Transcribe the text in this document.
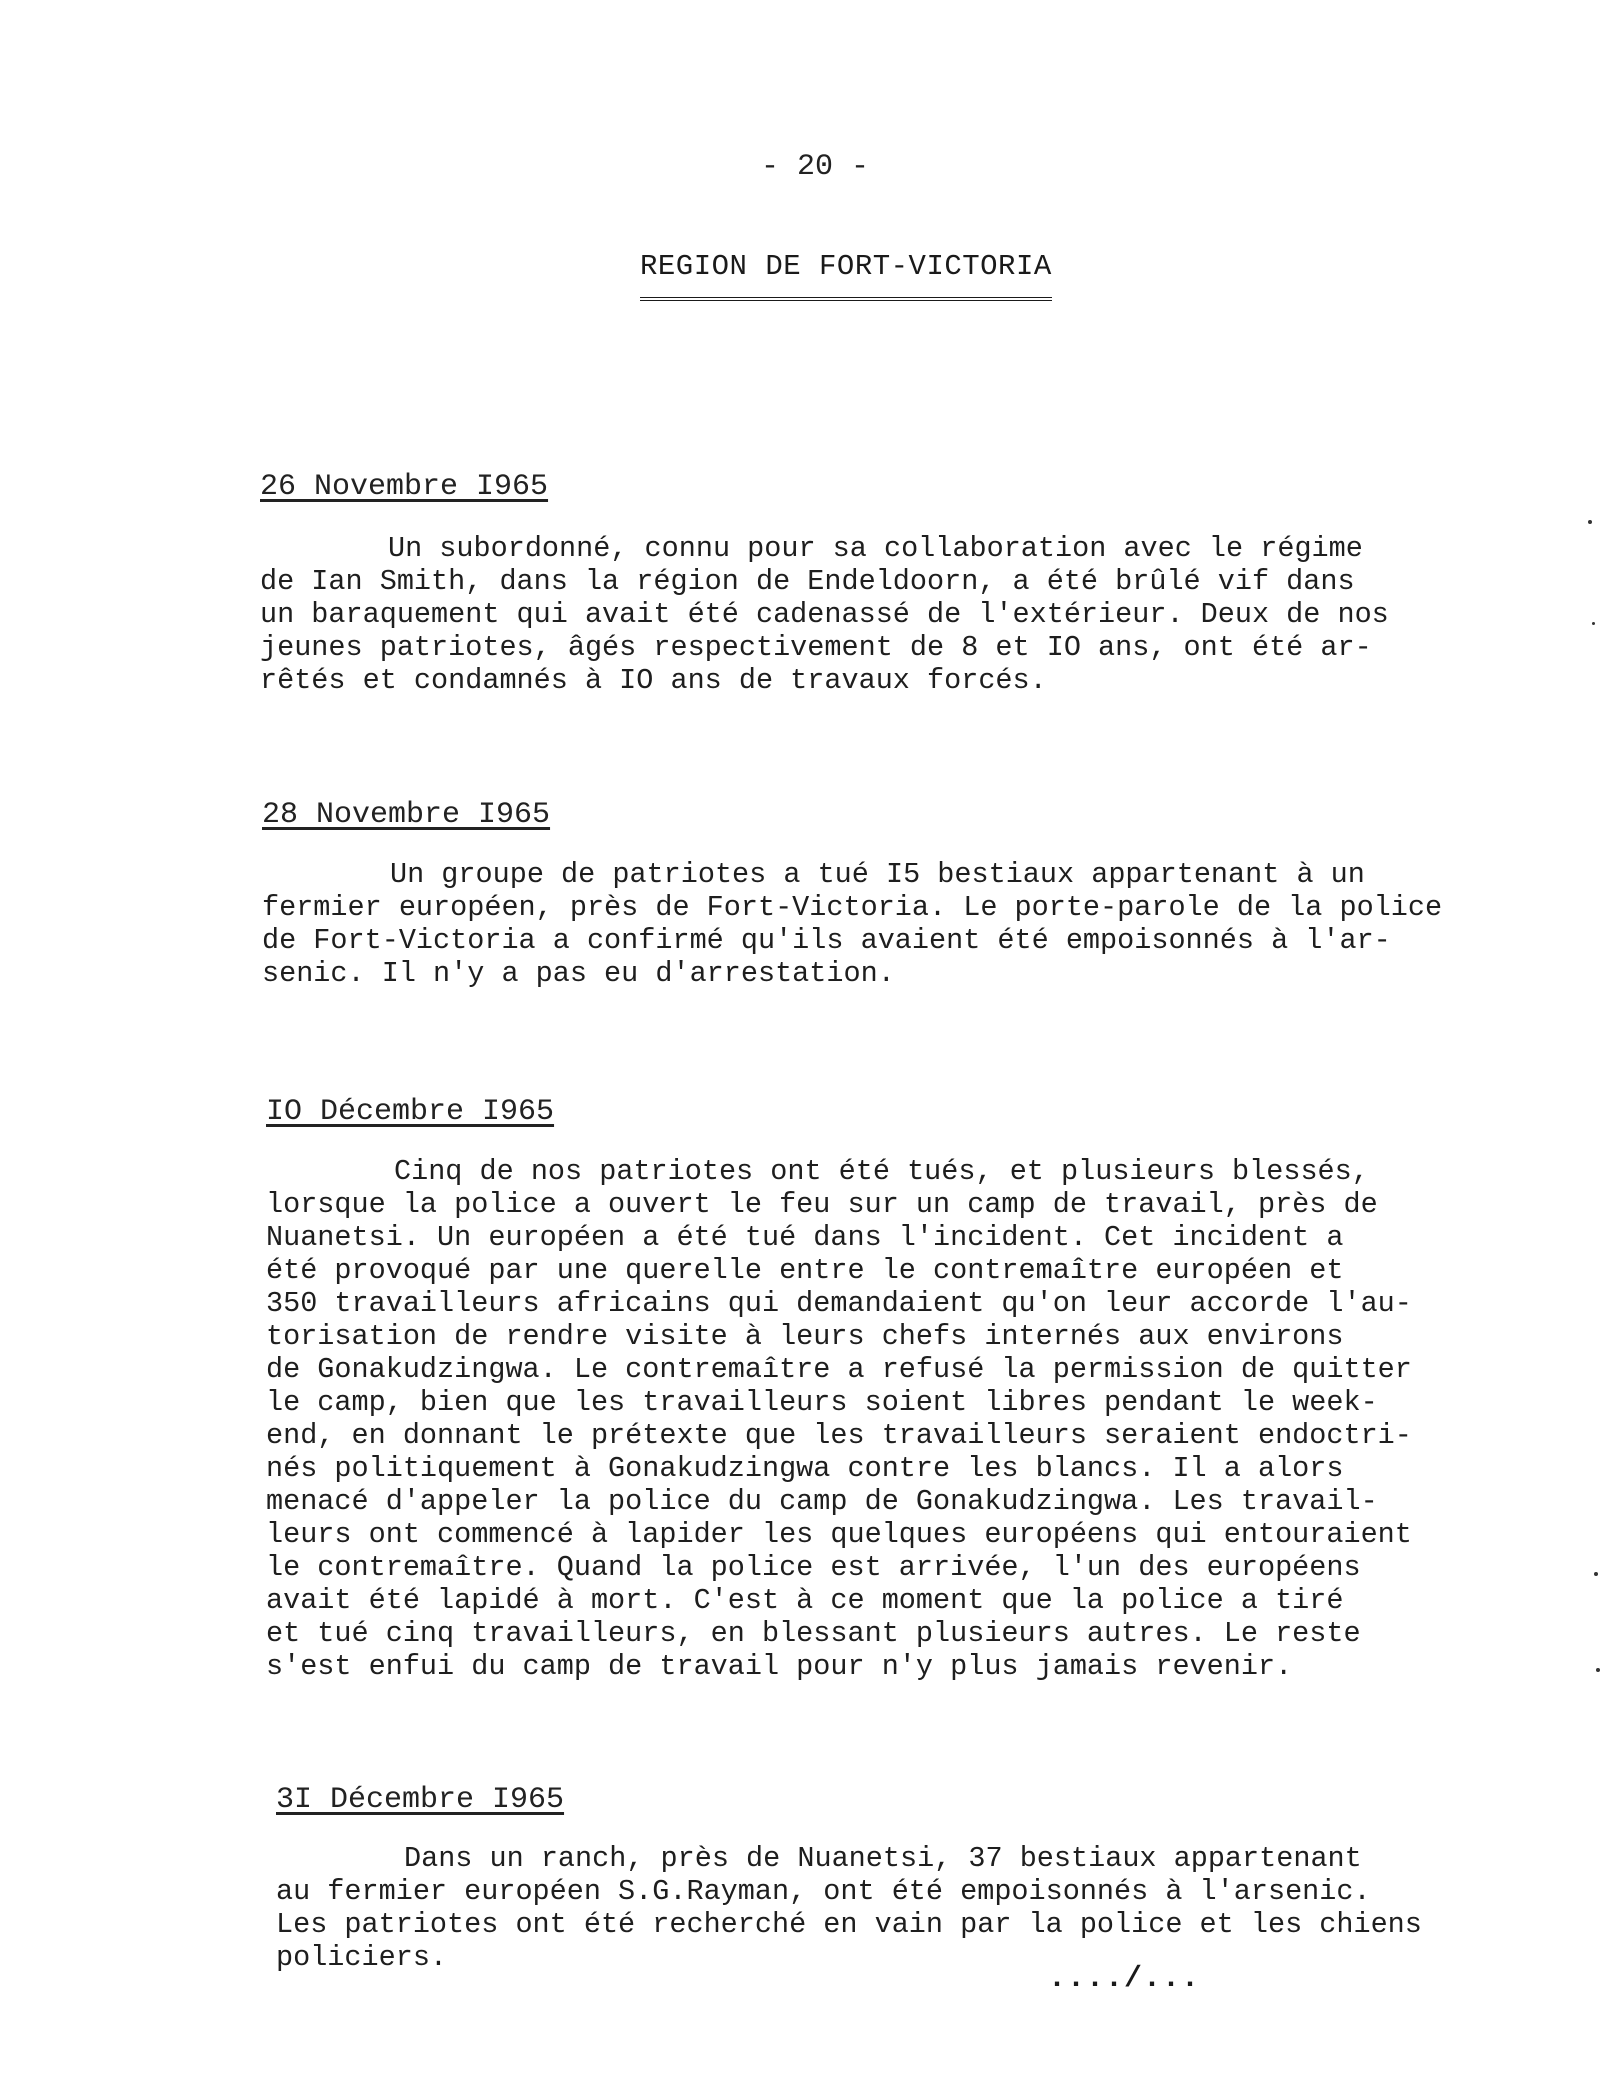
- 20 -
REGION DE FORT-VICTORIA
26 Novembre I965
Un subordonné, connu pour sa collaboration avec le régime
de Ian Smith, dans la région de Endeldoorn, a été brûlé vif dans
un baraquement qui avait été cadenassé de l'extérieur. Deux de nos
jeunes patriotes, âgés respectivement de 8 et IO ans, ont été ar-
rêtés et condamnés à IO ans de travaux forcés.
28 Novembre I965
Un groupe de patriotes a tué I5 bestiaux appartenant à un
fermier européen, près de Fort-Victoria. Le porte-parole de la police
de Fort-Victoria a confirmé qu'ils avaient été empoisonnés à l'ar-
senic. Il n'y a pas eu d'arrestation.
IO Décembre I965
Cinq de nos patriotes ont été tués, et plusieurs blessés,
lorsque la police a ouvert le feu sur un camp de travail, près de
Nuanetsi. Un européen a été tué dans l'incident. Cet incident a
été provoqué par une querelle entre le contremaître européen et
350 travailleurs africains qui demandaient qu'on leur accorde l'au-
torisation de rendre visite à leurs chefs internés aux environs
de Gonakudzingwa. Le contremaître a refusé la permission de quitter
le camp, bien que les travailleurs soient libres pendant le week-
end, en donnant le prétexte que les travailleurs seraient endoctri-
nés politiquement à Gonakudzingwa contre les blancs. Il a alors
menacé d'appeler la police du camp de Gonakudzingwa. Les travail-
leurs ont commencé à lapider les quelques européens qui entouraient
le contremaître. Quand la police est arrivée, l'un des européens
avait été lapidé à mort. C'est à ce moment que la police a tiré
et tué cinq travailleurs, en blessant plusieurs autres. Le reste
s'est enfui du camp de travail pour n'y plus jamais revenir.
3I Décembre I965
Dans un ranch, près de Nuanetsi, 37 bestiaux appartenant
au fermier européen S.G.Rayman, ont été empoisonnés à l'arsenic.
Les patriotes ont été recherché en vain par la police et les chiens
policiers.
..../...
